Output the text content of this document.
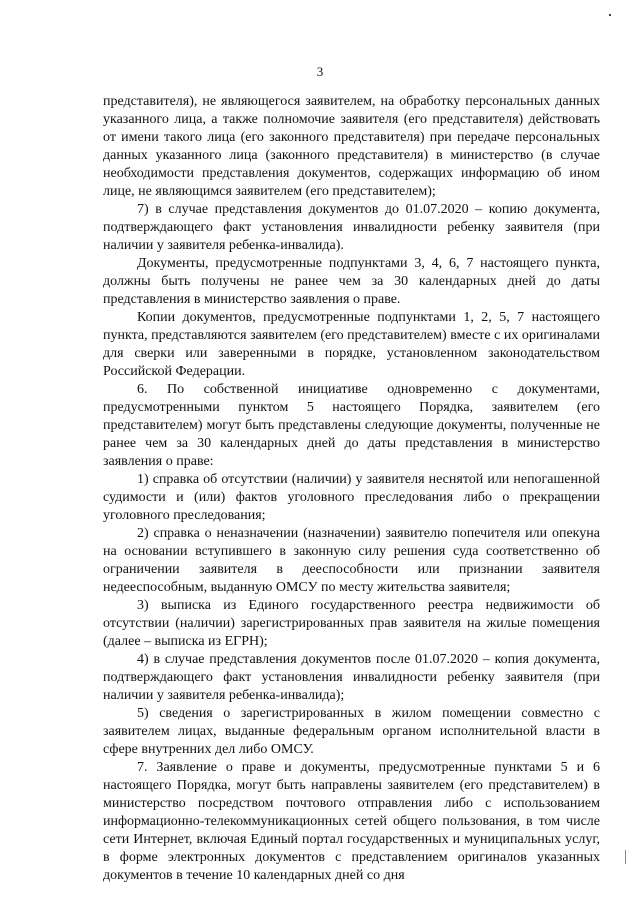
3

представителя), не являющегося заявителем, на обработку персональных данных указанного лица, а также полномочие заявителя (его представителя) действовать от имени такого лица (его законного представителя) при передаче персональных данных указанного лица (законного представителя) в министерство (в случае необходимости представления документов, содержащих информацию об ином лице, не являющимся заявителем (его представителем);

7) в случае представления документов до 01.07.2020 – копию документа, подтверждающего факт установления инвалидности ребенку заявителя (при наличии у заявителя ребенка-инвалида).

Документы, предусмотренные подпунктами 3, 4, 6, 7 настоящего пункта, должны быть получены не ранее чем за 30 календарных дней до даты представления в министерство заявления о праве.

Копии документов, предусмотренные подпунктами 1, 2, 5, 7 настоящего пункта, представляются заявителем (его представителем) вместе с их оригиналами для сверки или заверенными в порядке, установленном законодательством Российской Федерации.

6. По собственной инициативе одновременно с документами, предусмотренными пунктом 5 настоящего Порядка, заявителем (его представителем) могут быть представлены следующие документы, полученные не ранее чем за 30 календарных дней до даты представления в министерство заявления о праве:

1) справка об отсутствии (наличии) у заявителя неснятой или непогашенной судимости и (или) фактов уголовного преследования либо о прекращении уголовного преследования;

2) справка о неназначении (назначении) заявителю попечителя или опекуна на основании вступившего в законную силу решения суда соответственно об ограничении заявителя в дееспособности или признании заявителя недееспособным, выданную ОМСУ по месту жительства заявителя;

3) выписка из Единого государственного реестра недвижимости об отсутствии (наличии) зарегистрированных прав заявителя на жилые помещения (далее – выписка из ЕГРН);

4) в случае представления документов после 01.07.2020 – копия документа, подтверждающего факт установления инвалидности ребенку заявителя (при наличии у заявителя ребенка-инвалида);

5) сведения о зарегистрированных в жилом помещении совместно с заявителем лицах, выданные федеральным органом исполнительной власти в сфере внутренних дел либо ОМСУ.

7. Заявление о праве и документы, предусмотренные пунктами 5 и 6 настоящего Порядка, могут быть направлены заявителем (его представителем) в министерство посредством почтового отправления либо с использованием информационно-телекоммуникационных сетей общего пользования, в том числе сети Интернет, включая Единый портал государственных и муниципальных услуг, в форме электронных документов с представлением оригиналов указанных документов в течение 10 календарных дней со дня
